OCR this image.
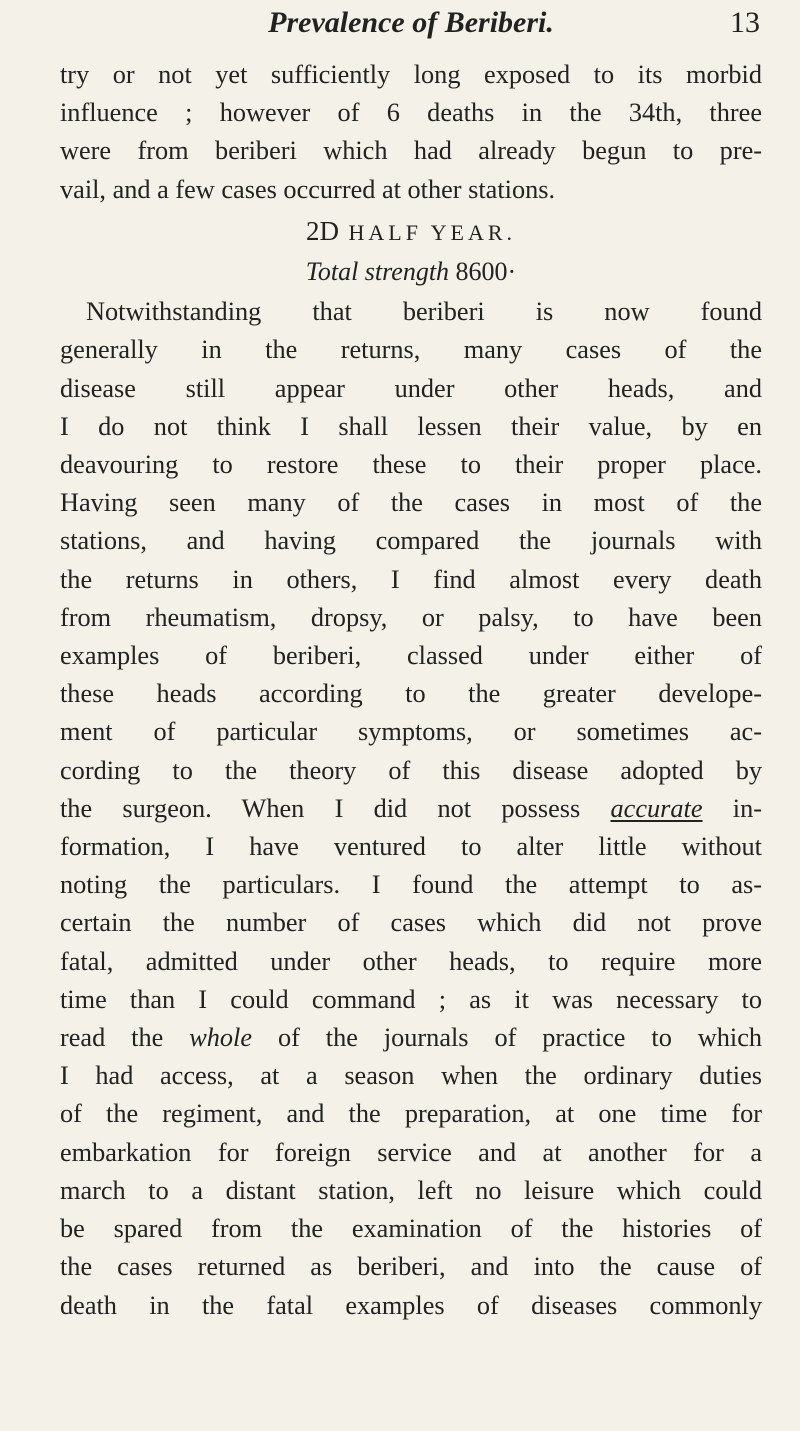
Prevalence of Beriberi.	13
try or not yet sufficiently long exposed to its morbid
influence ; however of 6 deaths in the 34th, three
were from beriberi which had already begun to pre-
vail, and a few cases occurred at other stations.
2D HALF YEAR.
Total strength 8600·
Notwithstanding that beriberi is now found
generally in the returns, many cases of the
disease still appear under other heads, and
I do not think I shall lessen their value, by en
deavouring to restore these to their proper place.
Having seen many of the cases in most of the
stations, and having compared the journals with
the returns in others, I find almost every death
from rheumatism, dropsy, or palsy, to have been
examples of beriberi, classed under either of
these heads according to the greater develope-
ment of particular symptoms, or sometimes ac-
cording to the theory of this disease adopted by
the surgeon. When I did not possess accurate in-
formation, I have ventured to alter little without
noting the particulars. I found the attempt to as-
certain the number of cases which did not prove
fatal, admitted under other heads, to require more
time than I could command ; as it was necessary to
read the whole of the journals of practice to which
I had access, at a season when the ordinary duties
of the regiment, and the preparation, at one time for
embarkation for foreign service and at another for a
march to a distant station, left no leisure which could
be spared from the examination of the histories of
the cases returned as beriberi, and into the cause of
death in the fatal examples of diseases commonly
